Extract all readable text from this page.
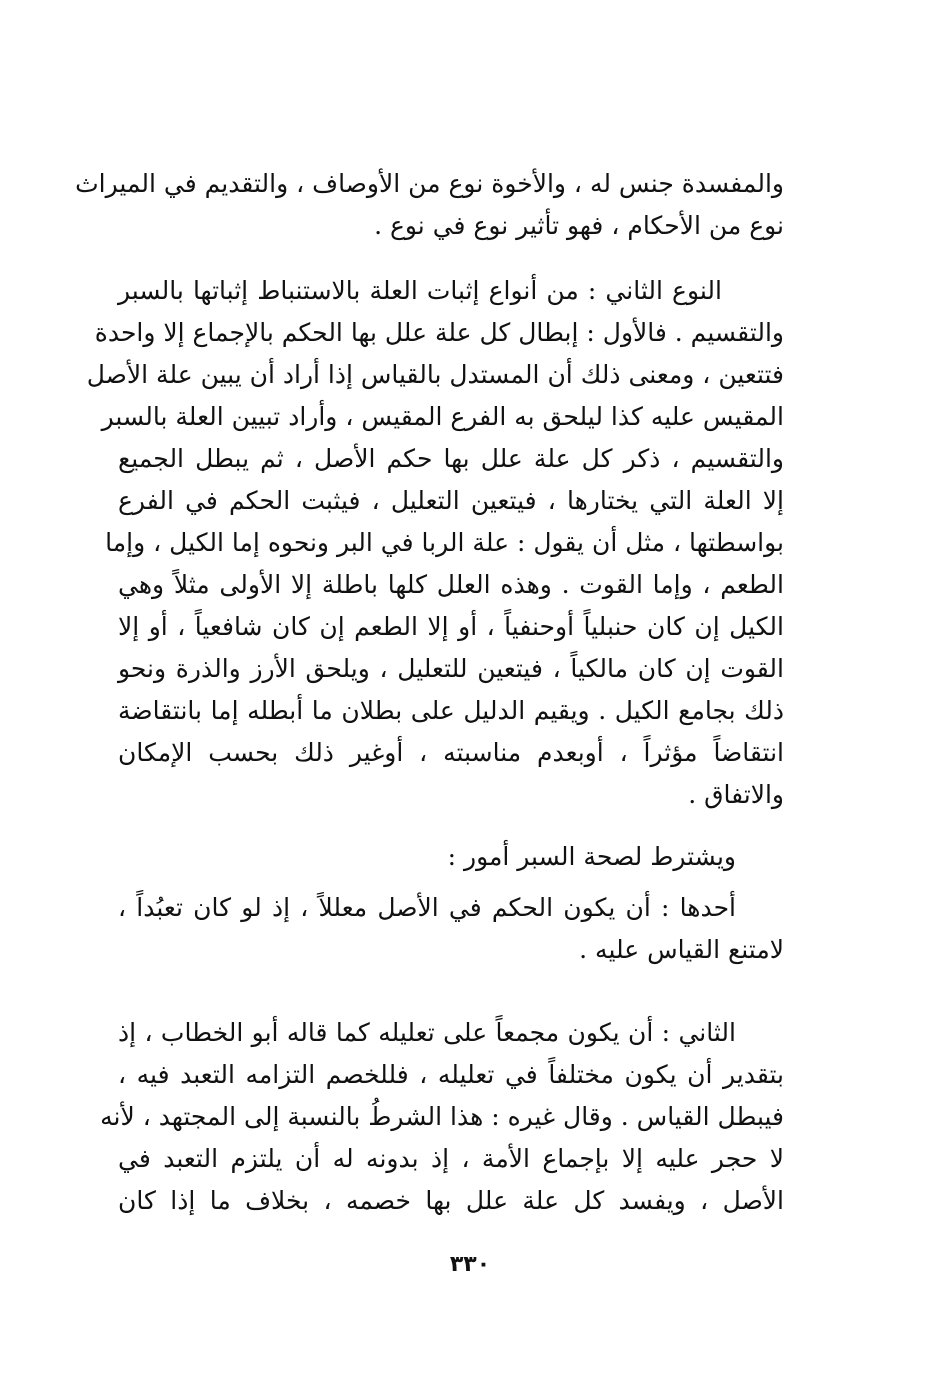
والمفسدة جنس له ، والأخوة نوع من الأوصاف ، والتقديم في الميراث
نوع من الأحكام ، فهو تأثير نوع في نوع .
النوع الثاني : من أنواع إثبات العلة بالاستنباط إثباتها بالسبر
والتقسيم . فالأول : إبطال كل علة علل بها الحكم بالإجماع إلا واحدة
فتتعين ، ومعنى ذلك أن المستدل بالقياس إذا أراد أن يبين علة الأصل
المقيس عليه كذا ليلحق به الفرع المقيس ، وأراد تبيين العلة بالسبر
والتقسيم ، ذكر كل علة علل بها حكم الأصل ، ثم يبطل الجميع
إلا العلة التي يختارها ، فيتعين التعليل ، فيثبت الحكم في الفرع
بواسطتها ، مثل أن يقول : علة الربا في البر ونحوه إما الكيل ، وإما
الطعم ، وإما القوت . وهذه العلل كلها باطلة إلا الأولى مثلاً وهي
الكيل إن كان حنبلياً أوحنفياً ، أو إلا الطعم إن كان شافعياً ، أو إلا
القوت إن كان مالكياً ، فيتعين للتعليل ، ويلحق الأرز والذرة ونحو
ذلك بجامع الكيل . ويقيم الدليل على بطلان ما أبطله إما بانتقاضة
انتقاضاً مؤثراً ، أوبعدم مناسبته ، أوغير ذلك بحسب الإمكان
والاتفاق .
ويشترط لصحة السبر أمور :
أحدها : أن يكون الحكم في الأصل معللاً ، إذ لو كان تعبُداً ،
لامتنع القياس عليه .
الثاني : أن يكون مجمعاً على تعليله كما قاله أبو الخطاب ، إذ
بتقدير أن يكون مختلفاً في تعليله ، فللخصم التزامه التعبد فيه ،
فيبطل القياس . وقال غيره : هذا الشرطُ بالنسبة إلى المجتهد ، لأنه
لا حجر عليه إلا بإجماع الأمة ، إذ بدونه له أن يلتزم التعبد في
الأصل ، ويفسد كل علة علل بها خصمه ، بخلاف ما إذا كان
٣٣٠
